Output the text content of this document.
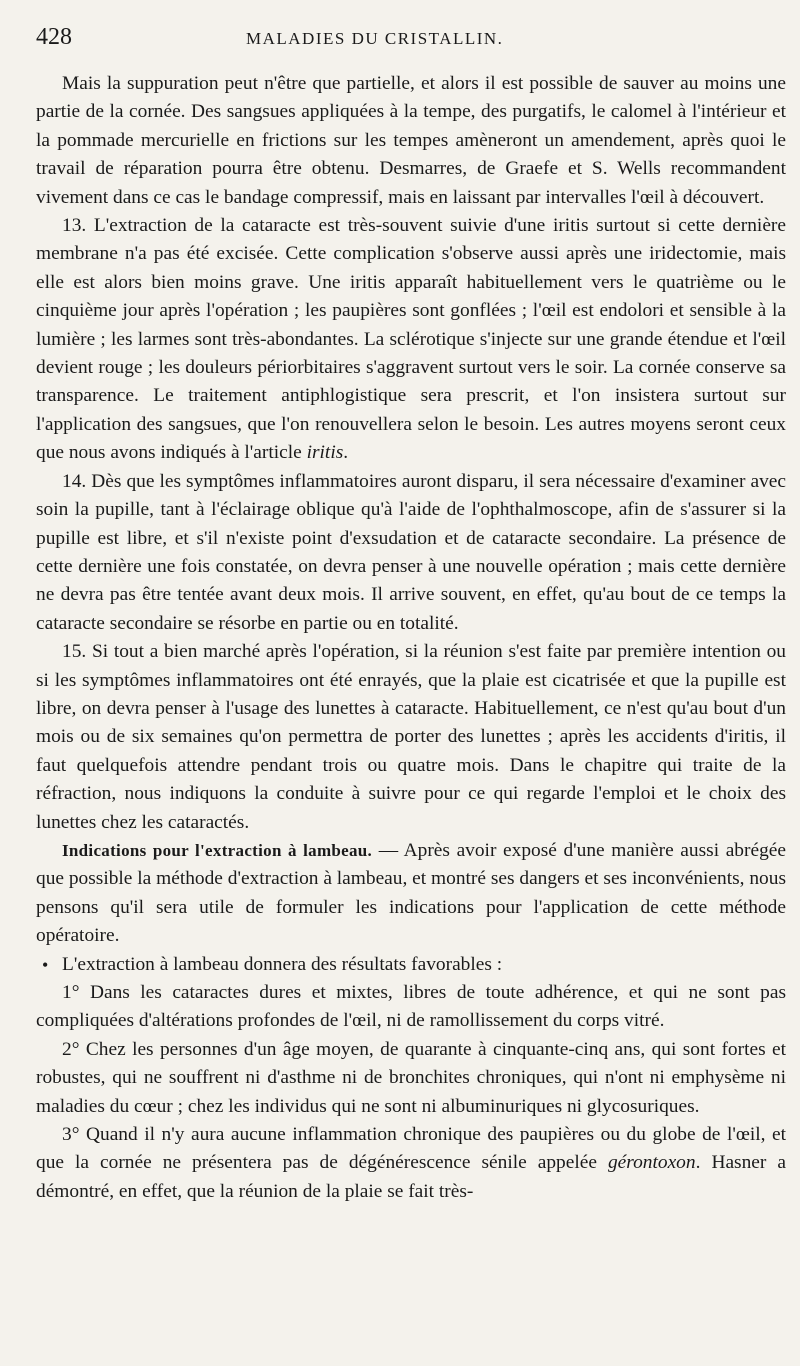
428	MALADIES DU CRISTALLIN.

Mais la suppuration peut n'être que partielle, et alors il est possible de sauver au moins une partie de la cornée. Des sangsues appliquées à la tempe, des purgatifs, le calomel à l'intérieur et la pommade mercurielle en frictions sur les tempes amèneront un amendement, après quoi le travail de réparation pourra être obtenu. Desmarres, de Graefe et S. Wells recommandent vivement dans ce cas le bandage compressif, mais en laissant par intervalles l'œil à découvert.

13. L'extraction de la cataracte est très-souvent suivie d'une iritis surtout si cette dernière membrane n'a pas été excisée. Cette complication s'observe aussi après une iridectomie, mais elle est alors bien moins grave. Une iritis apparaît habituellement vers le quatrième ou le cinquième jour après l'opération ; les paupières sont gonflées ; l'œil est endolori et sensible à la lumière ; les larmes sont très-abondantes. La sclérotique s'injecte sur une grande étendue et l'œil devient rouge ; les douleurs périorbitaires s'aggravent surtout vers le soir. La cornée conserve sa transparence. Le traitement antiphlogistique sera prescrit, et l'on insistera surtout sur l'application des sangsues, que l'on renouvellera selon le besoin. Les autres moyens seront ceux que nous avons indiqués à l'article iritis.

14. Dès que les symptômes inflammatoires auront disparu, il sera nécessaire d'examiner avec soin la pupille, tant à l'éclairage oblique qu'à l'aide de l'ophthalmoscope, afin de s'assurer si la pupille est libre, et s'il n'existe point d'exsudation et de cataracte secondaire. La présence de cette dernière une fois constatée, on devra penser à une nouvelle opération ; mais cette dernière ne devra pas être tentée avant deux mois. Il arrive souvent, en effet, qu'au bout de ce temps la cataracte secondaire se résorbe en partie ou en totalité.

15. Si tout a bien marché après l'opération, si la réunion s'est faite par première intention ou si les symptômes inflammatoires ont été enrayés, que la plaie est cicatrisée et que la pupille est libre, on devra penser à l'usage des lunettes à cataracte. Habituellement, ce n'est qu'au bout d'un mois ou de six semaines qu'on permettra de porter des lunettes ; après les accidents d'iritis, il faut quelquefois attendre pendant trois ou quatre mois. Dans le chapitre qui traite de la réfraction, nous indiquons la conduite à suivre pour ce qui regarde l'emploi et le choix des lunettes chez les cataractés.

Indications pour l'extraction à lambeau. — Après avoir exposé d'une manière aussi abrégée que possible la méthode d'extraction à lambeau, et montré ses dangers et ses inconvénients, nous pensons qu'il sera utile de formuler les indications pour l'application de cette méthode opératoire.

• L'extraction à lambeau donnera des résultats favorables :

1° Dans les cataractes dures et mixtes, libres de toute adhérence, et qui ne sont pas compliquées d'altérations profondes de l'œil, ni de ramollissement du corps vitré.

2° Chez les personnes d'un âge moyen, de quarante à cinquante-cinq ans, qui sont fortes et robustes, qui ne souffrent ni d'asthme ni de bronchites chroniques, qui n'ont ni emphysème ni maladies du cœur ; chez les individus qui ne sont ni albuminuriques ni glycosuriques.

3° Quand il n'y aura aucune inflammation chronique des paupières ou du globe de l'œil, et que la cornée ne présentera pas de dégénérescence sénile appelée gérontoxon. Hasner a démontré, en effet, que la réunion de la plaie se fait très-
